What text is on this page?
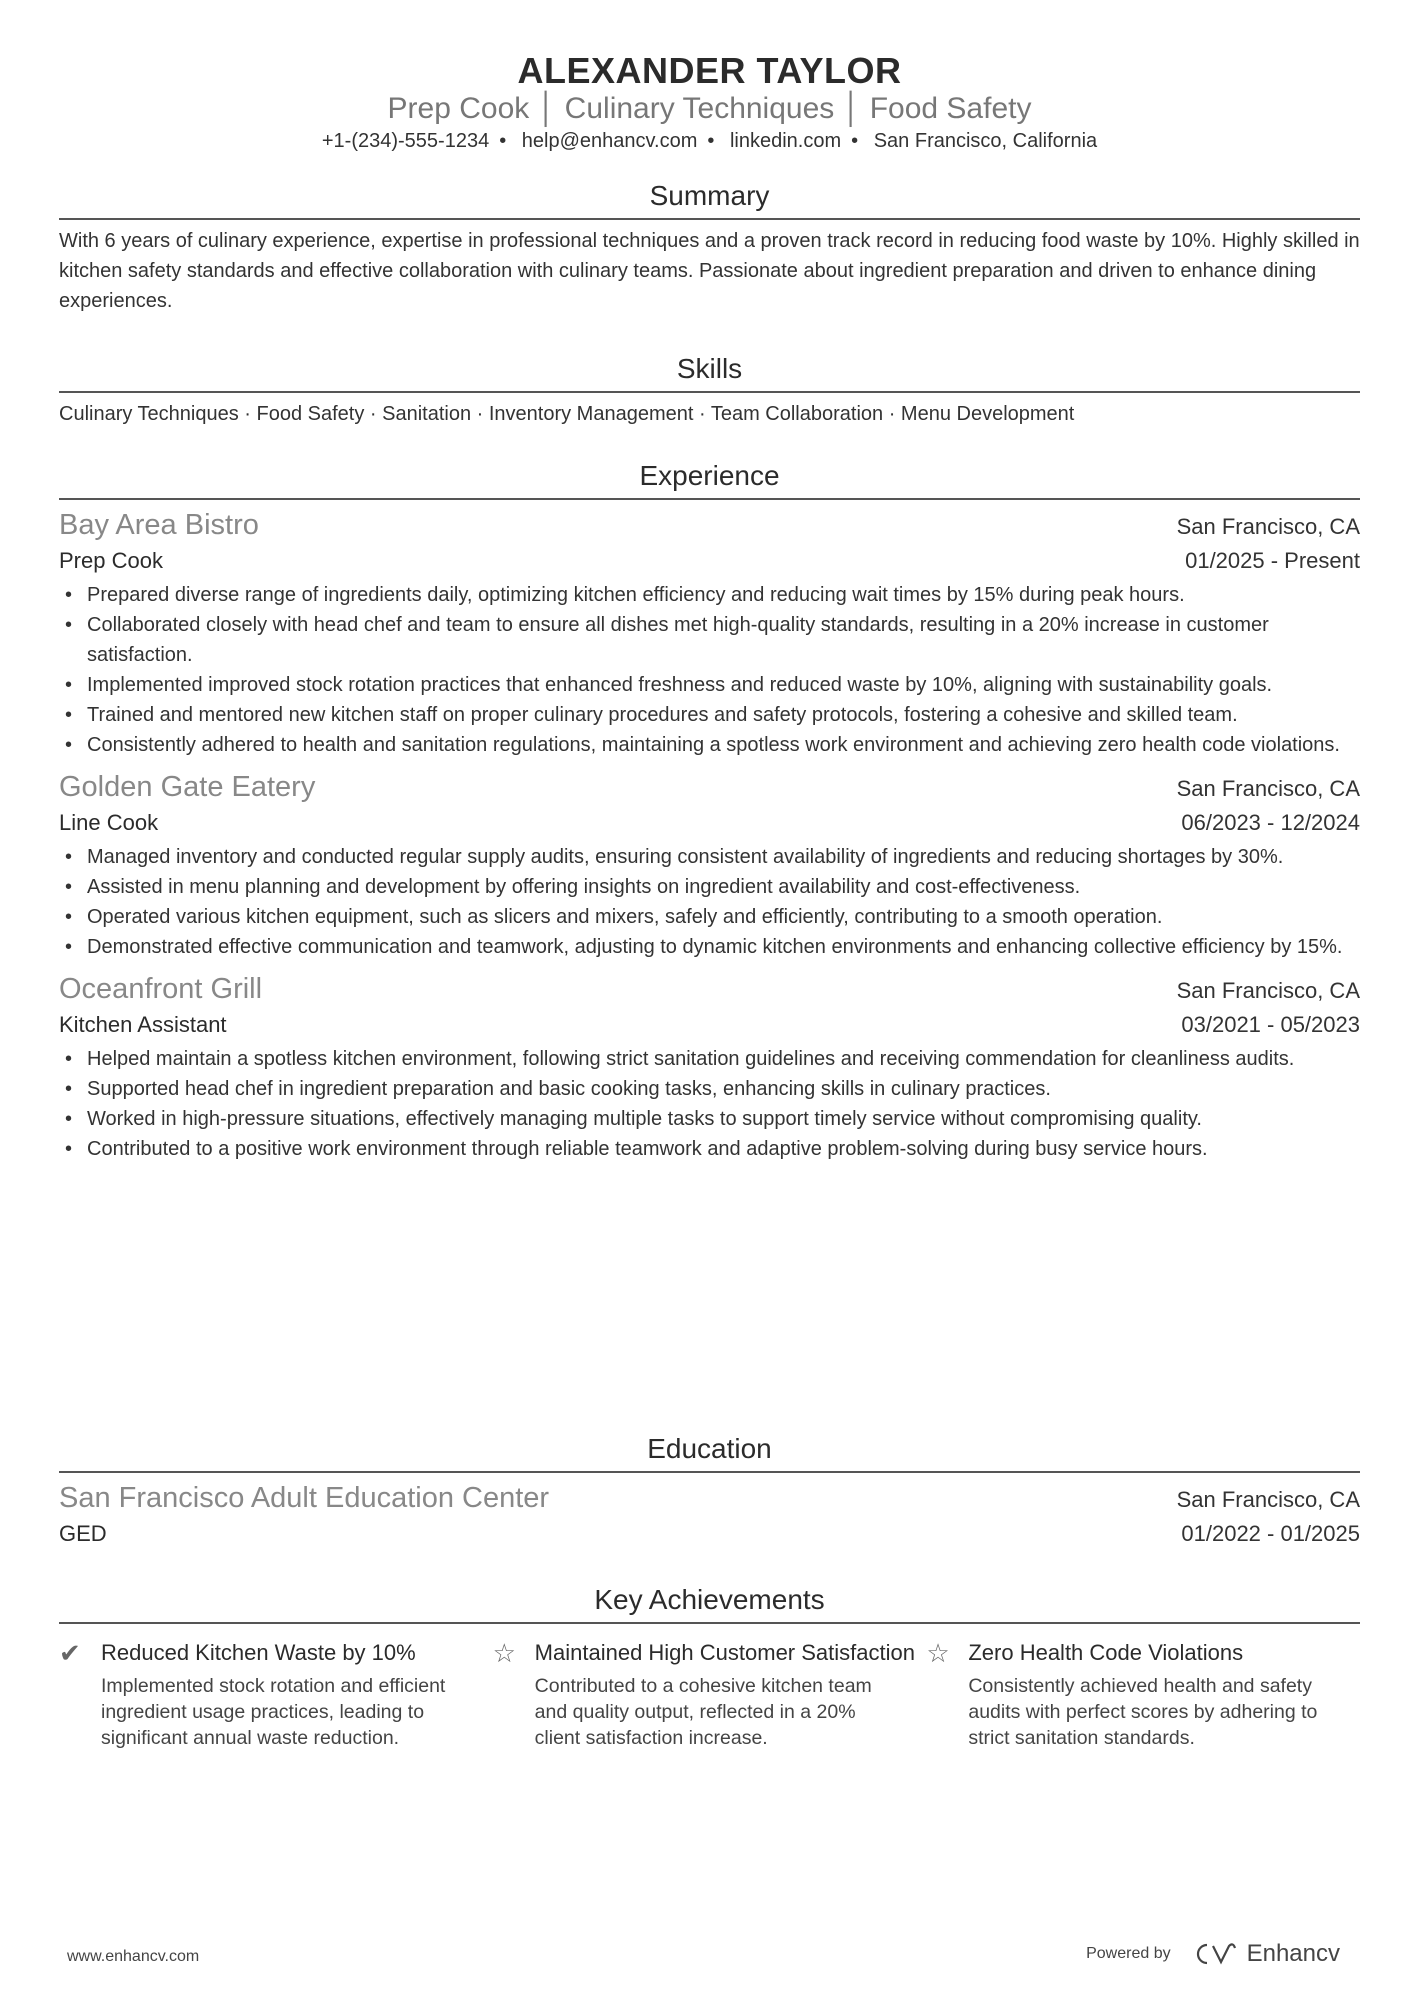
ALEXANDER TAYLOR
Prep Cook │ Culinary Techniques │ Food Safety
+1-(234)-555-1234 • help@enhancv.com • linkedin.com • San Francisco, California
Summary
With 6 years of culinary experience, expertise in professional techniques and a proven track record in reducing food waste by 10%. Highly skilled in kitchen safety standards and effective collaboration with culinary teams. Passionate about ingredient preparation and driven to enhance dining experiences.
Skills
Culinary Techniques · Food Safety · Sanitation · Inventory Management · Team Collaboration · Menu Development
Experience
Bay Area Bistro	San Francisco, CA
Prep Cook	01/2025 - Present
• Prepared diverse range of ingredients daily, optimizing kitchen efficiency and reducing wait times by 15% during peak hours.
• Collaborated closely with head chef and team to ensure all dishes met high-quality standards, resulting in a 20% increase in customer satisfaction.
• Implemented improved stock rotation practices that enhanced freshness and reduced waste by 10%, aligning with sustainability goals.
• Trained and mentored new kitchen staff on proper culinary procedures and safety protocols, fostering a cohesive and skilled team.
• Consistently adhered to health and sanitation regulations, maintaining a spotless work environment and achieving zero health code violations.
Golden Gate Eatery	San Francisco, CA
Line Cook	06/2023 - 12/2024
• Managed inventory and conducted regular supply audits, ensuring consistent availability of ingredients and reducing shortages by 30%.
• Assisted in menu planning and development by offering insights on ingredient availability and cost-effectiveness.
• Operated various kitchen equipment, such as slicers and mixers, safely and efficiently, contributing to a smooth operation.
• Demonstrated effective communication and teamwork, adjusting to dynamic kitchen environments and enhancing collective efficiency by 15%.
Oceanfront Grill	San Francisco, CA
Kitchen Assistant	03/2021 - 05/2023
• Helped maintain a spotless kitchen environment, following strict sanitation guidelines and receiving commendation for cleanliness audits.
• Supported head chef in ingredient preparation and basic cooking tasks, enhancing skills in culinary practices.
• Worked in high-pressure situations, effectively managing multiple tasks to support timely service without compromising quality.
• Contributed to a positive work environment through reliable teamwork and adaptive problem-solving during busy service hours.
Education
San Francisco Adult Education Center	San Francisco, CA
GED	01/2022 - 01/2025
Key Achievements
✔ Reduced Kitchen Waste by 10%
Implemented stock rotation and efficient ingredient usage practices, leading to significant annual waste reduction.
☆ Maintained High Customer Satisfaction
Contributed to a cohesive kitchen team and quality output, reflected in a 20% client satisfaction increase.
☆ Zero Health Code Violations
Consistently achieved health and safety audits with perfect scores by adhering to strict sanitation standards.
www.enhancv.com	Powered by	Enhancv
